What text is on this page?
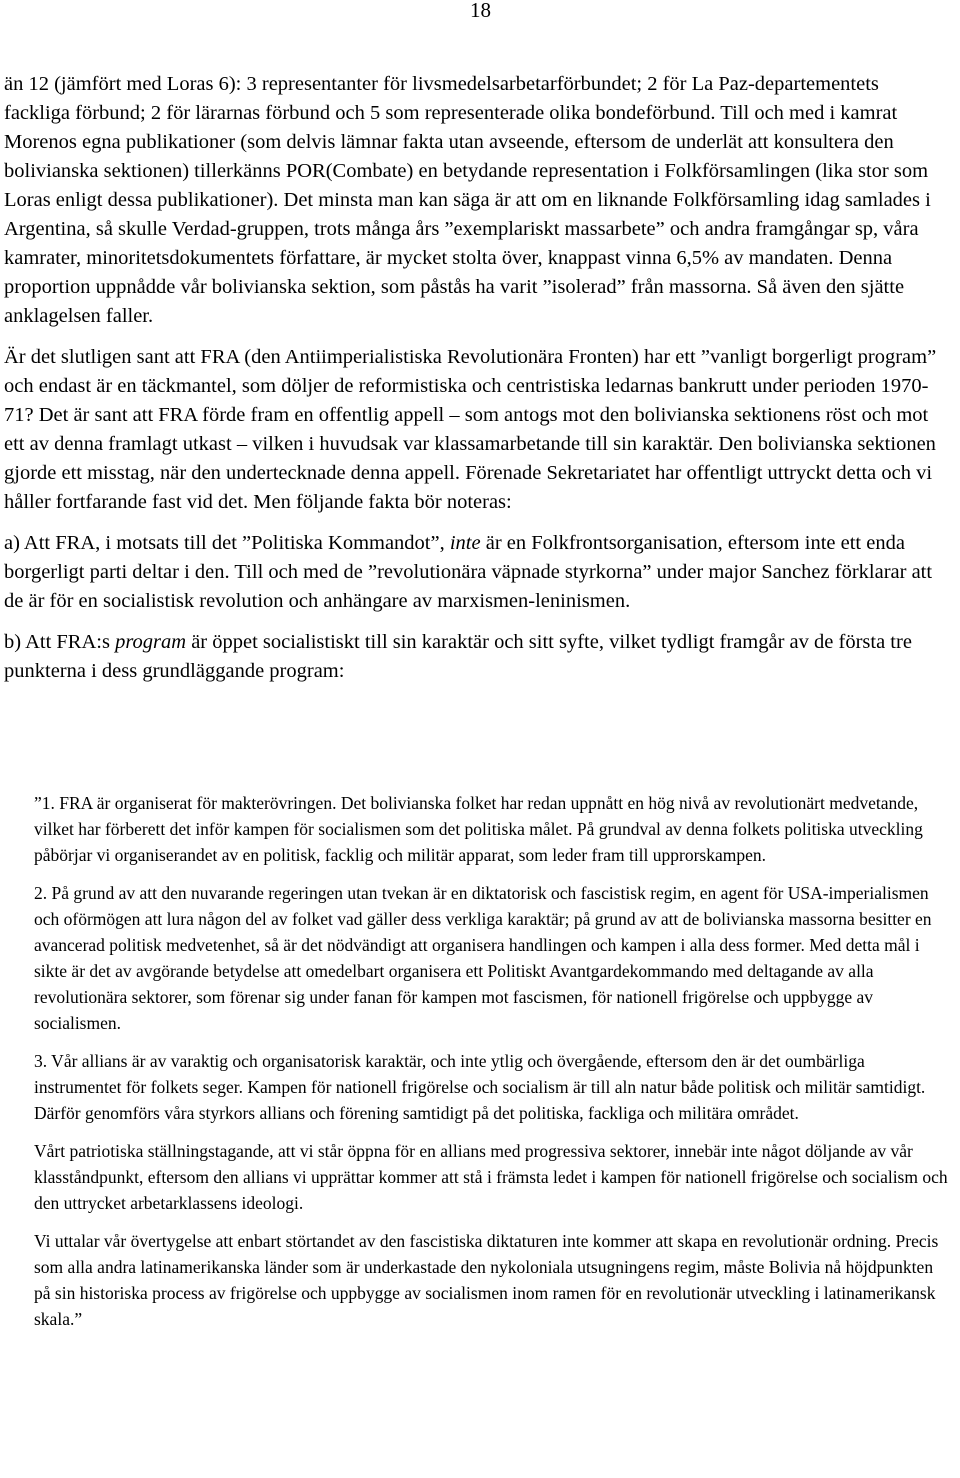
18

än 12 (jämfört med Loras 6): 3 representanter för livsmedelsarbetarförbundet; 2 för La Paz-departementets fackliga förbund; 2 för lärarnas förbund och 5 som representerade olika bondeförbund. Till och med i kamrat Morenos egna publikationer (som delvis lämnar fakta utan avseende, eftersom de underlät att konsultera den bolivianska sektionen) tillerkänns POR(Combate) en betydande representation i Folkförsamlingen (lika stor som Loras enligt dessa publikationer). Det minsta man kan säga är att om en liknande Folkförsamling idag samlades i Argentina, så skulle Verdad-gruppen, trots många års ”exemplariskt massarbete” och andra framgångar sp, våra kamrater, minoritetsdokumentets författare, är mycket stolta över, knappast vinna 6,5% av mandaten. Denna proportion uppnådde vår bolivianska sektion, som påstås ha varit ”isolerad” från massorna. Så även den sjätte anklagelsen faller.

Är det slutligen sant att FRA (den Antiimperialistiska Revolutionära Fronten) har ett ”vanligt borgerligt program” och endast är en täckmantel, som döljer de reformistiska och centristiska ledarnas bankrutt under perioden 1970-71? Det är sant att FRA förde fram en offentlig appell – som antogs mot den bolivianska sektionens röst och mot ett av denna framlagt utkast – vilken i huvudsak var klassamarbetande till sin karaktär. Den bolivianska sektionen gjorde ett misstag, när den undertecknade denna appell. Förenade Sekretariatet har offentligt uttryckt detta och vi håller fortfarande fast vid det. Men följande fakta bör noteras:

a) Att FRA, i motsats till det ”Politiska Kommandot”, inte är en Folkfrontsorganisation, eftersom inte ett enda borgerligt parti deltar i den. Till och med de ”revolutionära väpnade styrkorna” under major Sanchez förklarar att de är för en socialistisk revolution och anhängare av marxismen-leninismen.

b) Att FRA:s program är öppet socialistiskt till sin karaktär och sitt syfte, vilket tydligt framgår av de första tre punkterna i dess grundläggande program:

”1. FRA är organiserat för makterövringen. Det bolivianska folket har redan uppnått en hög nivå av revolutionärt medvetande, vilket har förberett det inför kampen för socialismen som det politiska målet. På grundval av denna folkets politiska utveckling påbörjar vi organiserandet av en politisk, facklig och militär apparat, som leder fram till upprorskampen.

2. På grund av att den nuvarande regeringen utan tvekan är en diktatorisk och fascistisk regim, en agent för USA-imperialismen och oförmögen att lura någon del av folket vad gäller dess verkliga karaktär; på grund av att de bolivianska massorna besitter en avancerad politisk medvetenhet, så är det nödvändigt att organisera handlingen och kampen i alla dess former. Med detta mål i sikte är det av avgörande betydelse att omedelbart organisera ett Politiskt Avantgardekommando med deltagande av alla revolutionära sektorer, som förenar sig under fanan för kampen mot fascismen, för nationell frigörelse och uppbygge av socialismen.

3. Vår allians är av varaktig och organisatorisk karaktär, och inte ytlig och övergående, eftersom den är det oumbärliga instrumentet för folkets seger. Kampen för nationell frigörelse och socialism är till aln natur både politisk och militär samtidigt. Därför genomförs våra styrkors allians och förening samtidigt på det politiska, fackliga och militära området.

Vårt patriotiska ställningstagande, att vi står öppna för en allians med progressiva sektorer, innebär inte något döljande av vår klasståndpunkt, eftersom den allians vi upprättar kommer att stå i främsta ledet i kampen för nationell frigörelse och socialism och den uttrycket arbetarklassens ideologi.

Vi uttalar vår övertygelse att enbart störtandet av den fascistiska diktaturen inte kommer att skapa en revolutionär ordning. Precis som alla andra latinamerikanska länder som är underkastade den nykoloniala utsugningens regim, måste Bolivia nå höjdpunkten på sin historiska process av frigörelse och uppbygge av socialismen inom ramen för en revolutionär utveckling i latinamerikansk skala.”
